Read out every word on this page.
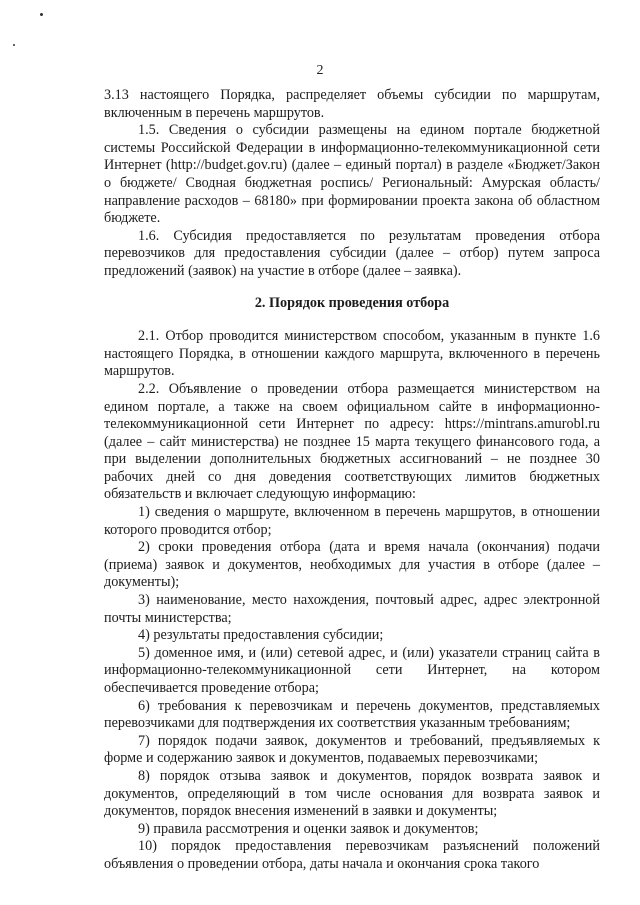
2

3.13 настоящего Порядка, распределяет объемы субсидии по маршрутам, включенным в перечень маршрутов.

1.5. Сведения о субсидии размещены на едином портале бюджетной системы Российской Федерации в информационно-телекоммуникационной сети Интернет (http://budget.gov.ru) (далее – единый портал) в разделе «Бюджет/Закон о бюджете/ Сводная бюджетная роспись/ Региональный: Амурская область/ направление расходов – 68180» при формировании проекта закона об областном бюджете.

1.6. Субсидия предоставляется по результатам проведения отбора перевозчиков для предоставления субсидии (далее – отбор) путем запроса предложений (заявок) на участие в отборе (далее – заявка).

2. Порядок проведения отбора

2.1. Отбор проводится министерством способом, указанным в пункте 1.6 настоящего Порядка, в отношении каждого маршрута, включенного в перечень маршрутов.

2.2. Объявление о проведении отбора размещается министерством на едином портале, а также на своем официальном сайте в информационно-телекоммуникационной сети Интернет по адресу: https://mintrans.amurobl.ru (далее – сайт министерства) не позднее 15 марта текущего финансового года, а при выделении дополнительных бюджетных ассигнований – не позднее 30 рабочих дней со дня доведения соответствующих лимитов бюджетных обязательств и включает следующую информацию:

1) сведения о маршруте, включенном в перечень маршрутов, в отношении которого проводится отбор;

2) сроки проведения отбора (дата и время начала (окончания) подачи (приема) заявок и документов, необходимых для участия в отборе (далее – документы);

3) наименование, место нахождения, почтовый адрес, адрес электронной почты министерства;

4) результаты предоставления субсидии;

5) доменное имя, и (или) сетевой адрес, и (или) указатели страниц сайта в информационно-телекоммуникационной сети Интернет, на котором обеспечивается проведение отбора;

6) требования к перевозчикам и перечень документов, представляемых перевозчиками для подтверждения их соответствия указанным требованиям;

7) порядок подачи заявок, документов и требований, предъявляемых к форме и содержанию заявок и документов, подаваемых перевозчиками;

8) порядок отзыва заявок и документов, порядок возврата заявок и документов, определяющий в том числе основания для возврата заявок и документов, порядок внесения изменений в заявки и документы;

9) правила рассмотрения и оценки заявок и документов;

10) порядок предоставления перевозчикам разъяснений положений объявления о проведении отбора, даты начала и окончания срока такого
